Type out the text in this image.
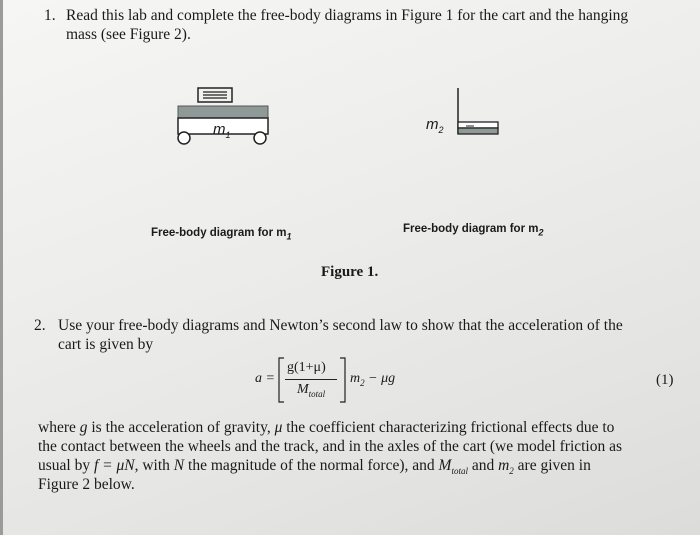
1. Read this lab and complete the free-body diagrams in Figure 1 for the cart and the hanging
mass (see Figure 2).
$m_1$
$m_2$
Free-body diagram for $m_1$
Free-body diagram for $m_2$
Figure 1.
2. Use your free-body diagrams and Newton’s second law to show that the acceleration of the
cart is given by
a =
g(1+μ)
$M_{total}$
$m_2 - \mu g$	(1)
where g is the acceleration of gravity, μ the coefficient characterizing frictional effects due to
the contact between the wheels and the track, and in the axles of the cart (we model friction as
usual by f = μN, with N the magnitude of the normal force), and $M_{total}$ and $m_2$ are given in
Figure 2 below.
